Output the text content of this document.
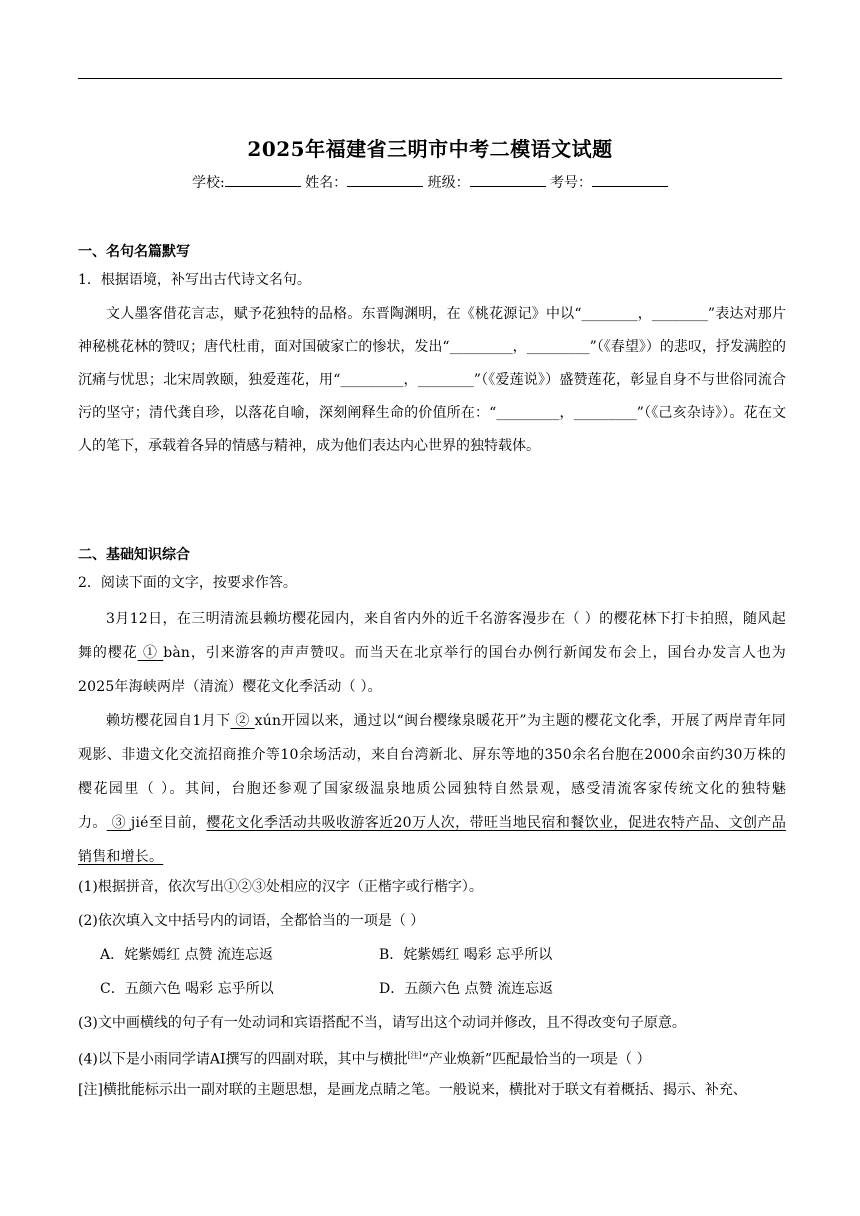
2025年福建省三明市中考二模语文试题
学校:	姓名：	班级：	考号：
一、名句名篇默写
1．根据语境，补写出古代诗文名句。

文人墨客借花言志，赋予花独特的品格。东晋陶渊明，在《桃花源记》中以“________，________”表达对那片神秘桃花林的赞叹；唐代杜甫，面对国破家亡的惨状，发出“_________，_________”（《春望》）的悲叹，抒发满腔的沉痛与忧思；北宋周敦颐，独爱莲花，用“_________，________”（《爱莲说》）盛赞莲花，彰显自身不与世俗同流合污的坚守；清代龚自珍，以落花自喻，深刻阐释生命的价值所在：“_________，_________”（《己亥杂诗》）。花在文人的笔下，承载着各异的情感与精神，成为他们表达内心世界的独特载体。

二、基础知识综合
2．阅读下面的文字，按要求作答。

3月12日，在三明清流县赖坊樱花园内，来自省内外的近千名游客漫步在（ ）的樱花林下打卡拍照，随风起舞的樱花 ① bàn，引来游客的声声赞叹。而当天在北京举行的国台办例行新闻发布会上，国台办发言人也为2025年海峡两岸（清流）樱花文化季活动（ ）。

赖坊樱花园自1月下 ② xún开园以来，通过以“闽台樱缘泉暖花开”为主题的樱花文化季，开展了两岸青年同观影、非遗文化交流招商推介等10余场活动，来自台湾新北、屏东等地的350余名台胞在2000余亩约30万株的樱花园里（ ）。其间，台胞还参观了国家级温泉地质公园独特自然景观，感受清流客家传统文化的独特魅力。 ③ jié至目前，樱花文化季活动共吸收游客近20万人次，带旺当地民宿和餐饮业，促进农特产品、文创产品销售和增长。

(1)根据拼音，依次写出①②③处相应的汉字（正楷字或行楷字）。
(2)依次填入文中括号内的词语，全都恰当的一项是（ ）
A．姹紫嫣红 点赞 流连忘返	B．姹紫嫣红 喝彩 忘乎所以
C．五颜六色 喝彩 忘乎所以	D．五颜六色 点赞 流连忘返
(3)文中画横线的句子有一处动词和宾语搭配不当，请写出这个动词并修改，且不得改变句子原意。
(4)以下是小雨同学请AI撰写的四副对联，其中与横批[注]“产业焕新”匹配最恰当的一项是（ ）
[注]横批能标示出一副对联的主题思想，是画龙点睛之笔。一般说来，横批对于联文有着概括、揭示、补充、
